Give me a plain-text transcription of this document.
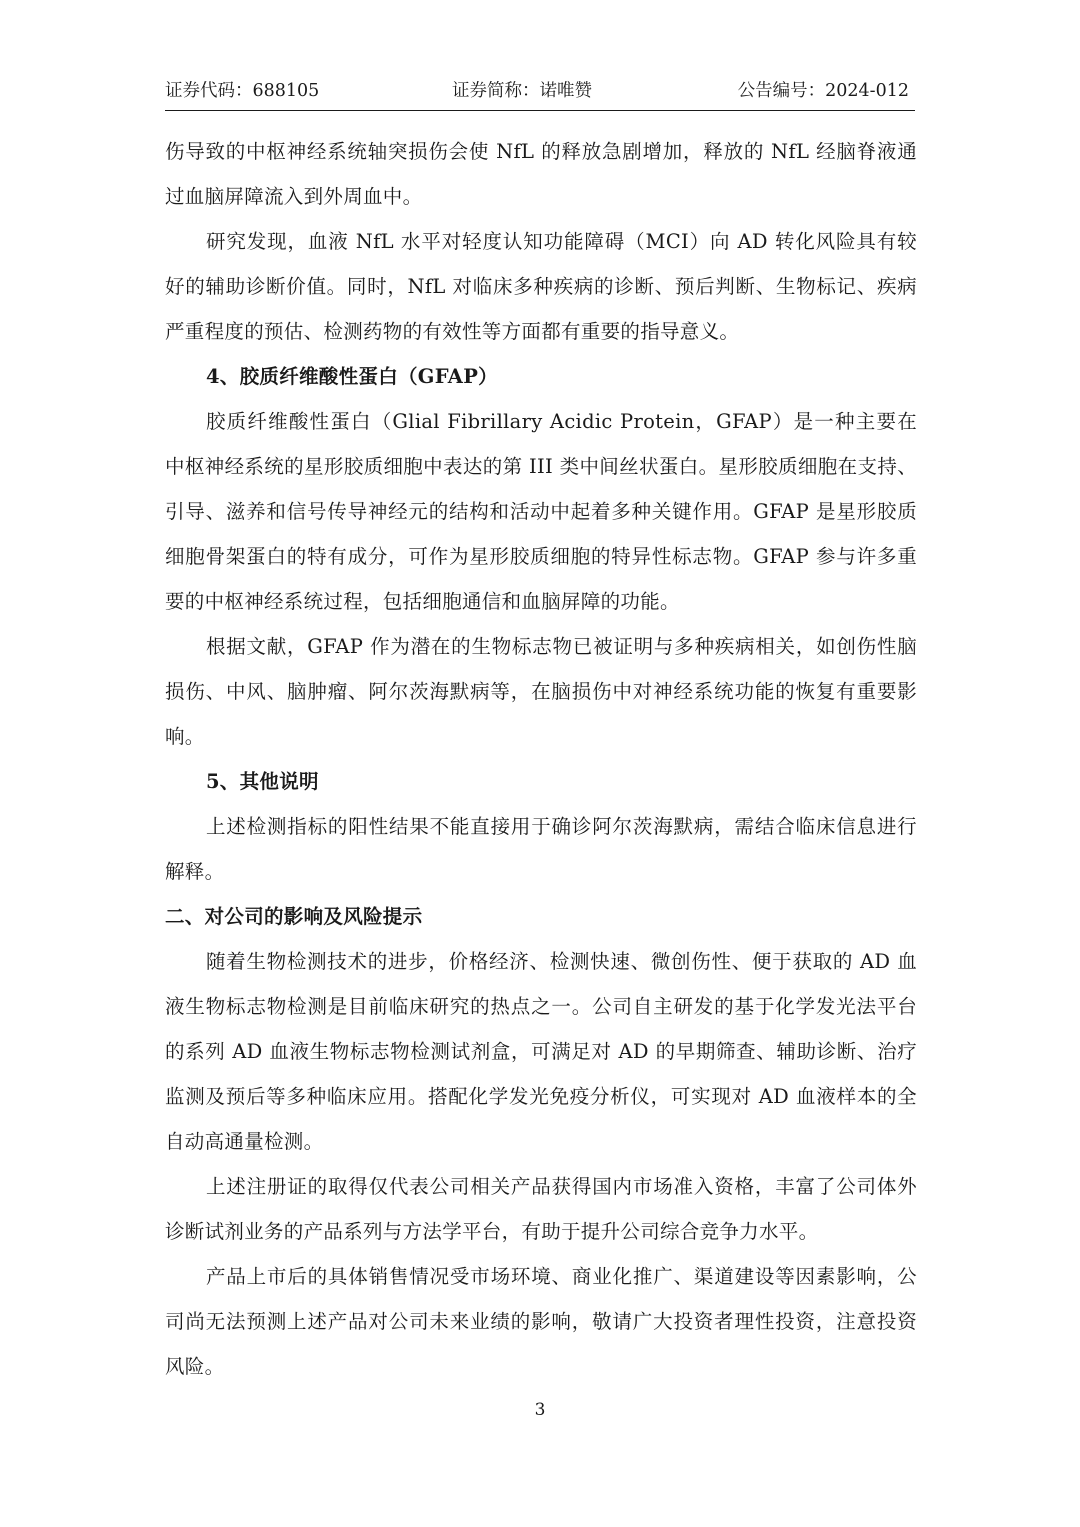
证券代码：688105	证券简称：诺唯赞	公告编号：2024-012

伤导致的中枢神经系统轴突损伤会使 NfL 的释放急剧增加，释放的 NfL 经脑脊液通过血脑屏障流入到外周血中。

研究发现，血液 NfL 水平对轻度认知功能障碍（MCI）向 AD 转化风险具有较好的辅助诊断价值。同时，NfL 对临床多种疾病的诊断、预后判断、生物标记、疾病严重程度的预估、检测药物的有效性等方面都有重要的指导意义。

4、胶质纤维酸性蛋白（GFAP）

胶质纤维酸性蛋白（Glial Fibrillary Acidic Protein，GFAP）是一种主要在中枢神经系统的星形胶质细胞中表达的第 III 类中间丝状蛋白。星形胶质细胞在支持、引导、滋养和信号传导神经元的结构和活动中起着多种关键作用。GFAP 是星形胶质细胞骨架蛋白的特有成分，可作为星形胶质细胞的特异性标志物。GFAP 参与许多重要的中枢神经系统过程，包括细胞通信和血脑屏障的功能。

根据文献，GFAP 作为潜在的生物标志物已被证明与多种疾病相关，如创伤性脑损伤、中风、脑肿瘤、阿尔茨海默病等，在脑损伤中对神经系统功能的恢复有重要影响。

5、其他说明

上述检测指标的阳性结果不能直接用于确诊阿尔茨海默病，需结合临床信息进行解释。

二、对公司的影响及风险提示

随着生物检测技术的进步，价格经济、检测快速、微创伤性、便于获取的 AD 血液生物标志物检测是目前临床研究的热点之一。公司自主研发的基于化学发光法平台的系列 AD 血液生物标志物检测试剂盒，可满足对 AD 的早期筛查、辅助诊断、治疗监测及预后等多种临床应用。搭配化学发光免疫分析仪，可实现对 AD 血液样本的全自动高通量检测。

上述注册证的取得仅代表公司相关产品获得国内市场准入资格，丰富了公司体外诊断试剂业务的产品系列与方法学平台，有助于提升公司综合竞争力水平。

产品上市后的具体销售情况受市场环境、商业化推广、渠道建设等因素影响，公司尚无法预测上述产品对公司未来业绩的影响，敬请广大投资者理性投资，注意投资风险。

3
